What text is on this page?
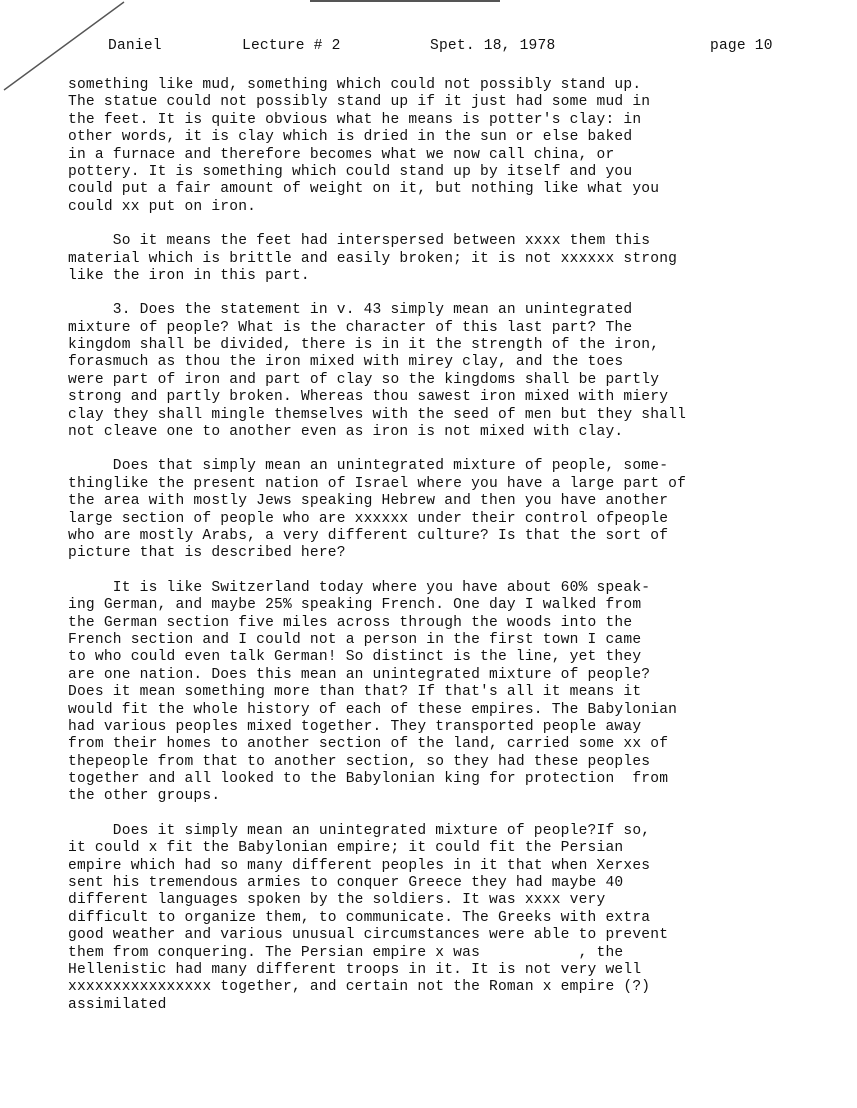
Daniel	Lecture # 2	Spet. 18, 1978	page 10
something like mud, something which could not possibly stand up.
The statue could not possibly stand up if it just had some mud in
the feet. It is quite obvious what he means is potter's clay: in
other words, it is clay which is dried in the sun or else baked
in a furnace and therefore becomes what we now call china, or
pottery. It is something which could stand up by itself and you
could put a fair amount of weight on it, but nothing like what you
could xx put on iron.
So it means the feet had interspersed between xxxx them this
material which is brittle and easily broken; it is not xxxxxx strong
like the iron in this part.
3. Does the statement in v. 43 simply mean an unintegrated
mixture of people? What is the character of this last part? The
kingdom shall be divided, there is in it the strength of the iron,
forasmuch as thou the iron mixed with mirey clay, and the toes
were part of iron and part of clay so the kingdoms shall be partly
strong and partly broken. Whereas thou sawest iron mixed with miery
clay they shall mingle themselves with the seed of men but they shall
not cleave one to another even as iron is not mixed with clay.
Does that simply mean an unintegrated mixture of people, some-
thinglike the present nation of Israel where you have a large part of
the area with mostly Jews speaking Hebrew and then you have another
large section of people who are xxxxxx under their control ofpeople
who are mostly Arabs, a very different culture? Is that the sort of
picture that is described here?
It is like Switzerland today where you have about 60% speak-
ing German, and maybe 25% speaking French. One day I walked from
the German section five miles across through the woods into the
French section and I could not a person in the first town I came
to who could even talk German! So distinct is the line, yet they
are one nation. Does this mean an unintegrated mixture of people?
Does it mean something more than that? If that's all it means it
would fit the whole history of each of these empires. The Babylonian
had various peoples mixed together. They transported people away
from their homes to another section of the land, carried some xx of
thepeople from that to another section, so they had these peoples
together and all looked to the Babylonian king for protection  from
the other groups.
Does it simply mean an unintegrated mixture of people?If so,
it could x fit the Babylonian empire; it could fit the Persian
empire which had so many different peoples in it that when Xerxes
sent his tremendous armies to conquer Greece they had maybe 40
different languages spoken by the soldiers. It was xxxx very
difficult to organize them, to communicate. The Greeks with extra
good weather and various unusual circumstances were able to prevent
them from conquering. The Persian empire x was           , the
Hellenistic had many different troops in it. It is not very well
xxxxxxxxxxxxxxxx together, and certain not the Roman x empire (?)
assimilated
